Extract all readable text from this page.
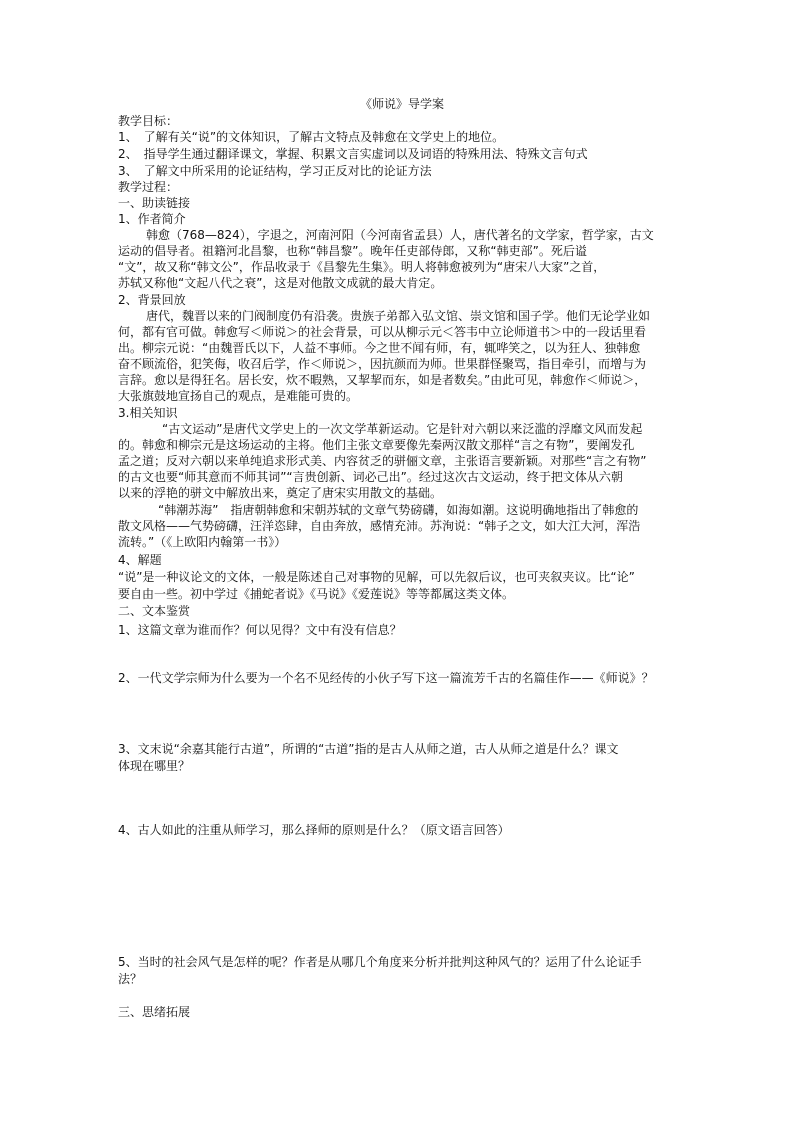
《师说》导学案
教学目标：
1、　了解有关“说”的文体知识，了解古文特点及韩愈在文学史上的地位。
2、　指导学生通过翻译课文，掌握、积累文言实虚词以及词语的特殊用法、特殊文言句式
3、　了解文中所采用的论证结构，学习正反对比的论证方法
教学过程：
一、助读链接
1、作者简介
韩愈（768—824），字退之，河南河阳（今河南省孟县）人，唐代著名的文学家，哲学家，古文
运动的倡导者。祖籍河北昌黎，也称“韩昌黎”。晚年任吏部侍郎，又称“韩吏部”。死后谥
“文”，故又称“韩文公”，作品收录于《昌黎先生集》。明人将韩愈被列为“唐宋八大家”之首，
苏轼又称他“文起八代之衰”，这是对他散文成就的最大肯定。
2、背景回放
唐代，魏晋以来的门阀制度仍有沿袭。贵族子弟都入弘文馆、崇文馆和国子学。他们无论学业如
何，都有官可做。韩愈写＜师说＞的社会背景，可以从柳示元＜答韦中立论师道书＞中的一段话里看
出。柳宗元说：“由魏晋氏以下，人益不事师。今之世不闻有师，有，辄哗笑之，以为狂人、独韩愈
奋不顾流俗，犯笑侮，收召后学，作＜师说＞，因抗颜而为师。世果群怪聚骂，指目牵引，而增与为
言辞。愈以是得狂名。居长安，炊不暇熟，又挈挈而东，如是者数矣。”由此可见，韩愈作＜师说＞，
大张旗鼓地宣扬自己的观点，是难能可贵的。
3.相关知识
“古文运动”是唐代文学史上的一次文学革新运动。它是针对六朝以来泛滥的浮靡文风而发起
的。韩愈和柳宗元是这场运动的主将。他们主张文章要像先秦两汉散文那样“言之有物”，要阐发孔
孟之道；反对六朝以来单纯追求形式美、内容贫乏的骈俪文章，主张语言要新颖。对那些“言之有物”
的古文也要“师其意而不师其词”“言贵创新、词必己出”。经过这次古文运动，终于把文体从六朝
以来的浮艳的骈文中解放出来，奠定了唐宋实用散文的基础。
“韩潮苏海”　指唐朝韩愈和宋朝苏轼的文章气势磅礴，如海如潮。这说明确地指出了韩愈的
散文风格——气势磅礴，汪洋恣肆，自由奔放，感情充沛。苏洵说：“韩子之文，如大江大河，浑浩
流转。”（《上欧阳内翰第一书》）
4、解题
“说”是一种议论文的文体，一般是陈述自己对事物的见解，可以先叙后议，也可夹叙夹议。比“论”
要自由一些。初中学过《捕蛇者说》《马说》《爱莲说》等等都属这类文体。
二、文本鉴赏
1、这篇文章为谁而作？何以见得？文中有没有信息？
2、一代文学宗师为什么要为一个名不见经传的小伙子写下这一篇流芳千古的名篇佳作——《师说》？
3、文末说“余嘉其能行古道”，所谓的“古道”指的是古人从师之道，古人从师之道是什么？课文
体现在哪里？
4、古人如此的注重从师学习，那么择师的原则是什么？（原文语言回答）
5、当时的社会风气是怎样的呢？作者是从哪几个角度来分析并批判这种风气的？运用了什么论证手
法？
三、思绪拓展
